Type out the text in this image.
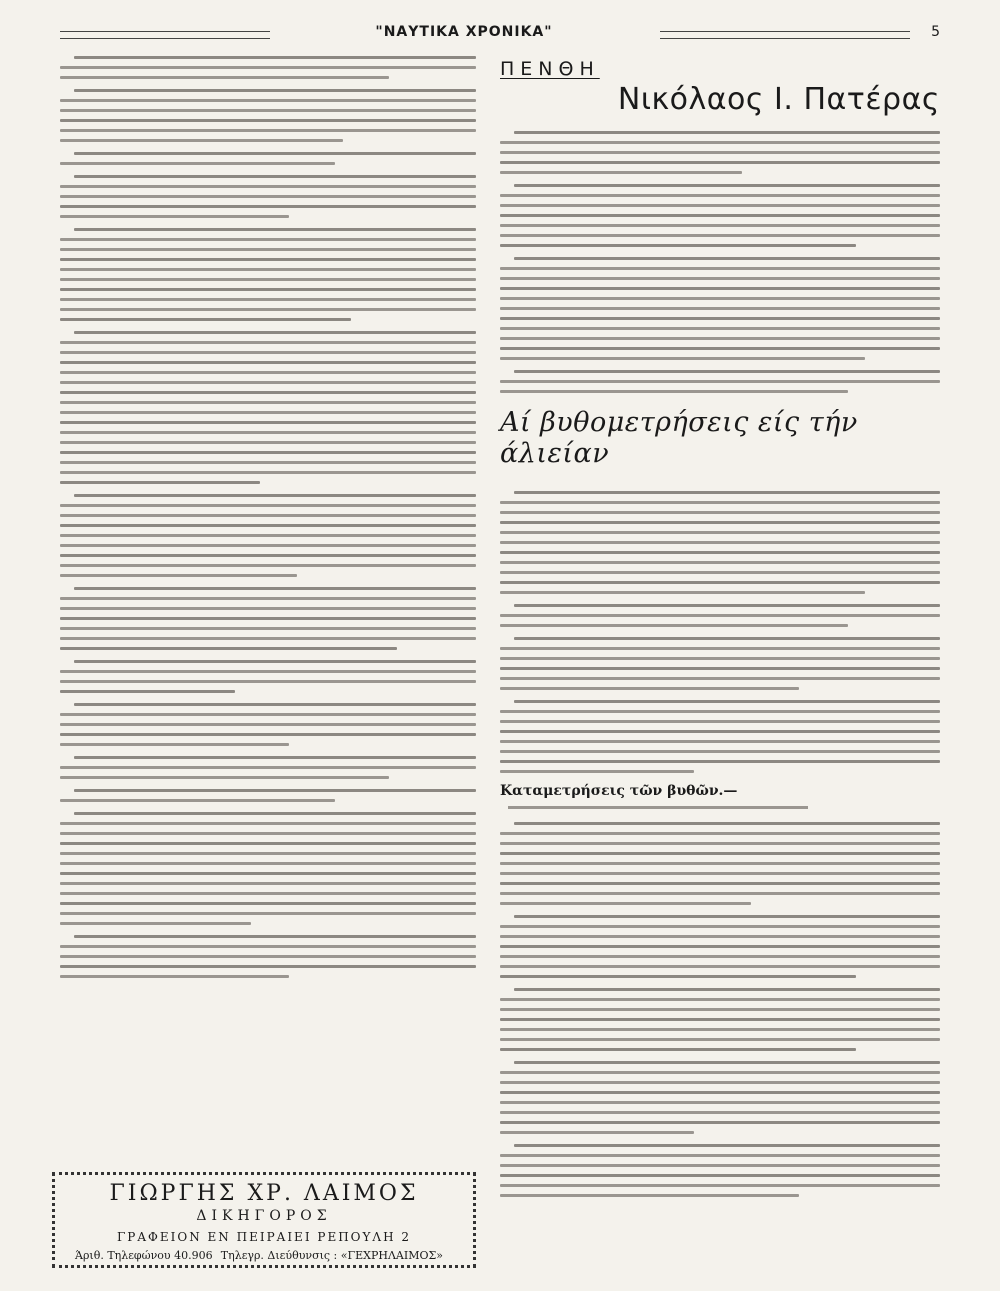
"ΝΑΥΤΙΚΑ ΧΡΟΝΙΚΑ"	5
ΠΕΝΘΗ
Νικόλαος Ι. Πατέρας
Αί βυθομετρήσεις είς τήν άλιείαν
Καταμετρήσεις τῶν βυθῶν.—
ΓΙΩΡΓΗΣ ΧΡ. ΛΑΙΜΟΣ
ΔΙΚΗΓΟΡΟΣ
ΓΡΑΦΕΙΟΝ ΕΝ ΠΕΙΡΑΙΕΙ ΡΕΠΟΥΛΗ 2
Άριθ. Τηλεφώνου 40.906 Τηλεγρ. Διεύθυνσις : «ΓΕΧΡΗΛΑΙΜΟΣ»
